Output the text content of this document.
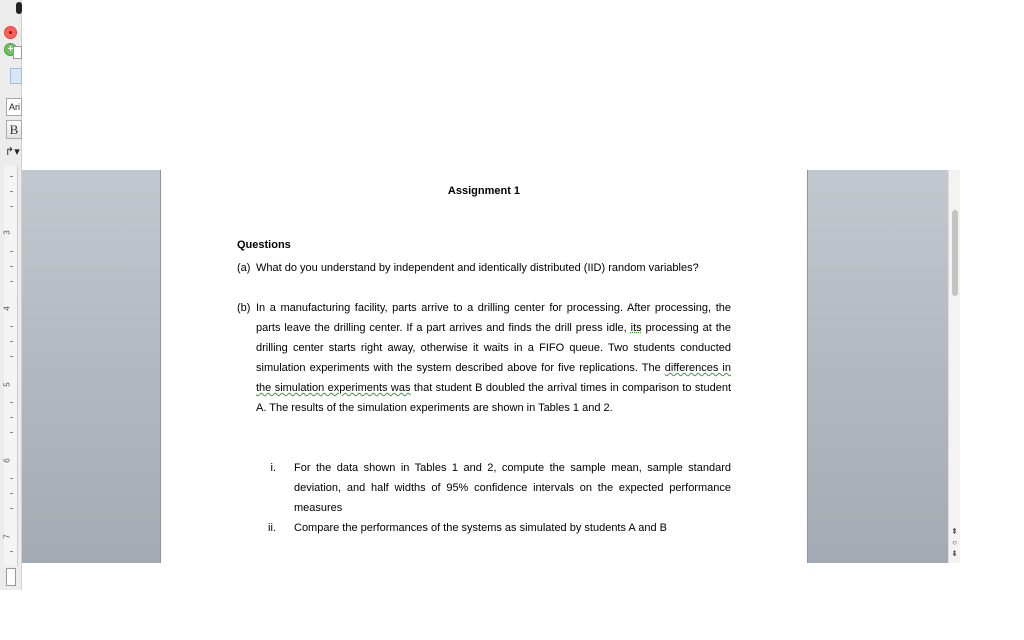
+
Ari
B
↱▾
3
4
5
6
7
Assignment 1
Questions
(a) What do you understand by independent and identically distributed (IID) random variables?
(b) In a manufacturing facility, parts arrive to a drilling center for processing. After processing, the parts leave the drilling center. If a part arrives and finds the drill press idle, its processing at the drilling center starts right away, otherwise it waits in a FIFO queue. Two students conducted simulation experiments with the system described above for five replications. The differences in the simulation experiments was that student B doubled the arrival times in comparison to student A. The results of the simulation experiments are shown in Tables 1 and 2.
i. For the data shown in Tables 1 and 2, compute the sample mean, sample standard deviation, and half widths of 95% confidence intervals on the expected performance measures
ii. Compare the performances of the systems as simulated by students A and B	⇞
○
⇟
